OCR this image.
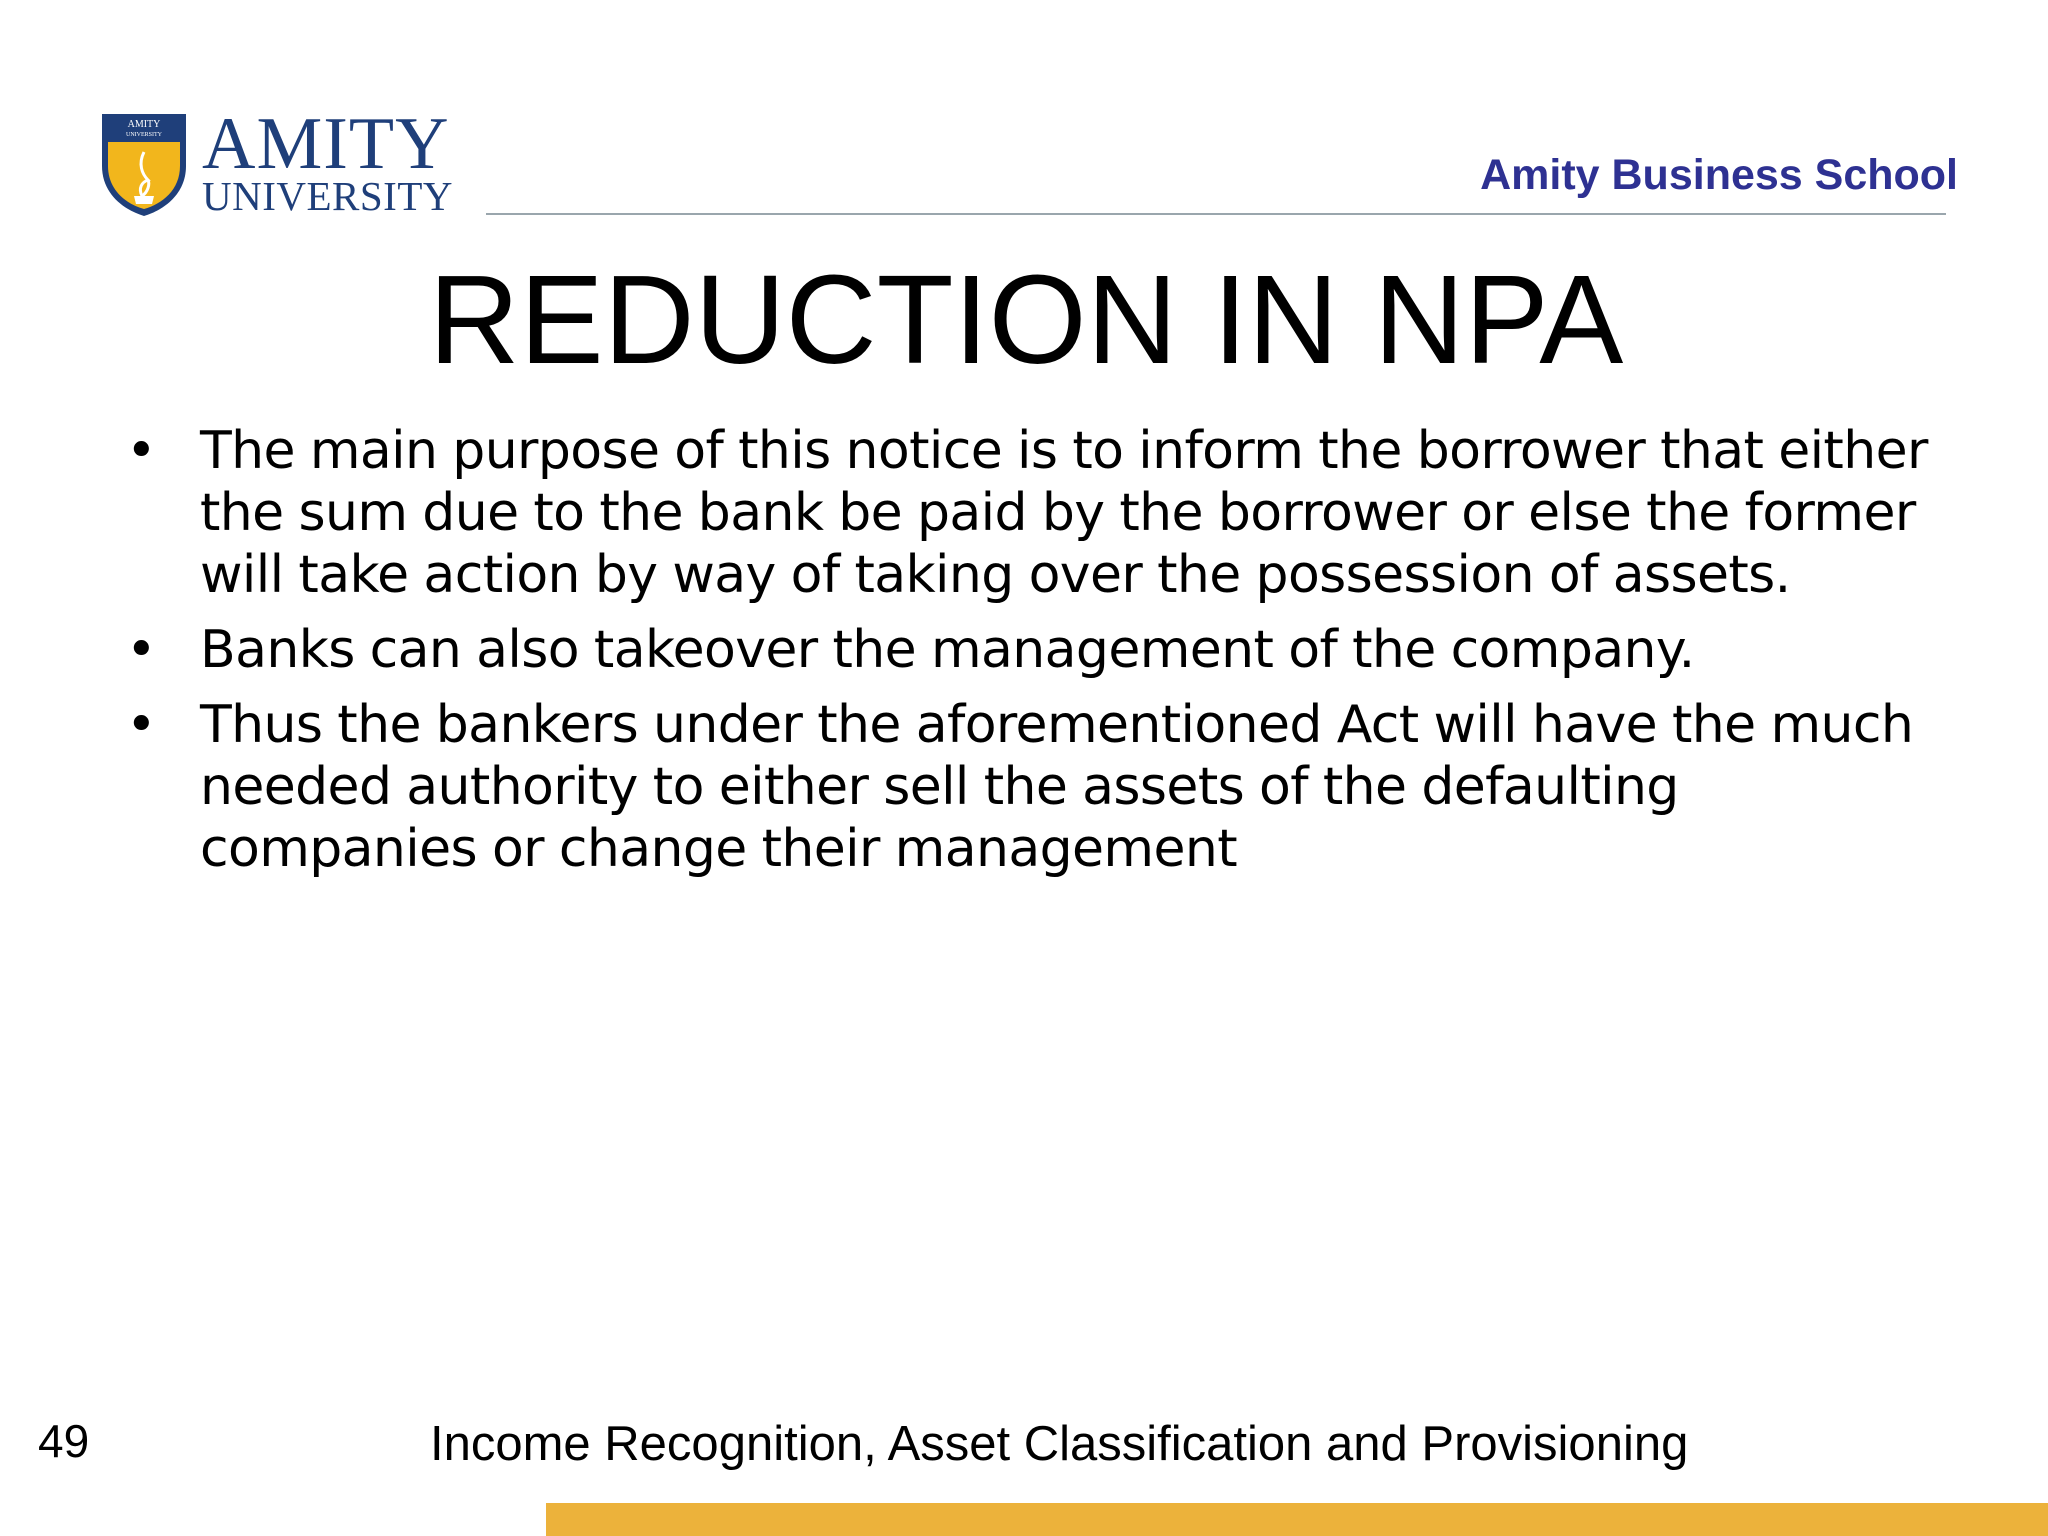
AMITY
UNIVERSITY AMITY
UNIVERSITY	Amity Business School
REDUCTION IN NPA
• The main purpose of this notice is to inform the borrower that either the sum due to the bank be paid by the borrower or else the former will take action by way of taking over the possession of assets.
• Banks can also takeover the management of the company.
• Thus the bankers under the aforementioned Act will have the much needed authority to either sell the assets of the defaulting companies or change their management
49	Income Recognition, Asset Classification and Provisioning
